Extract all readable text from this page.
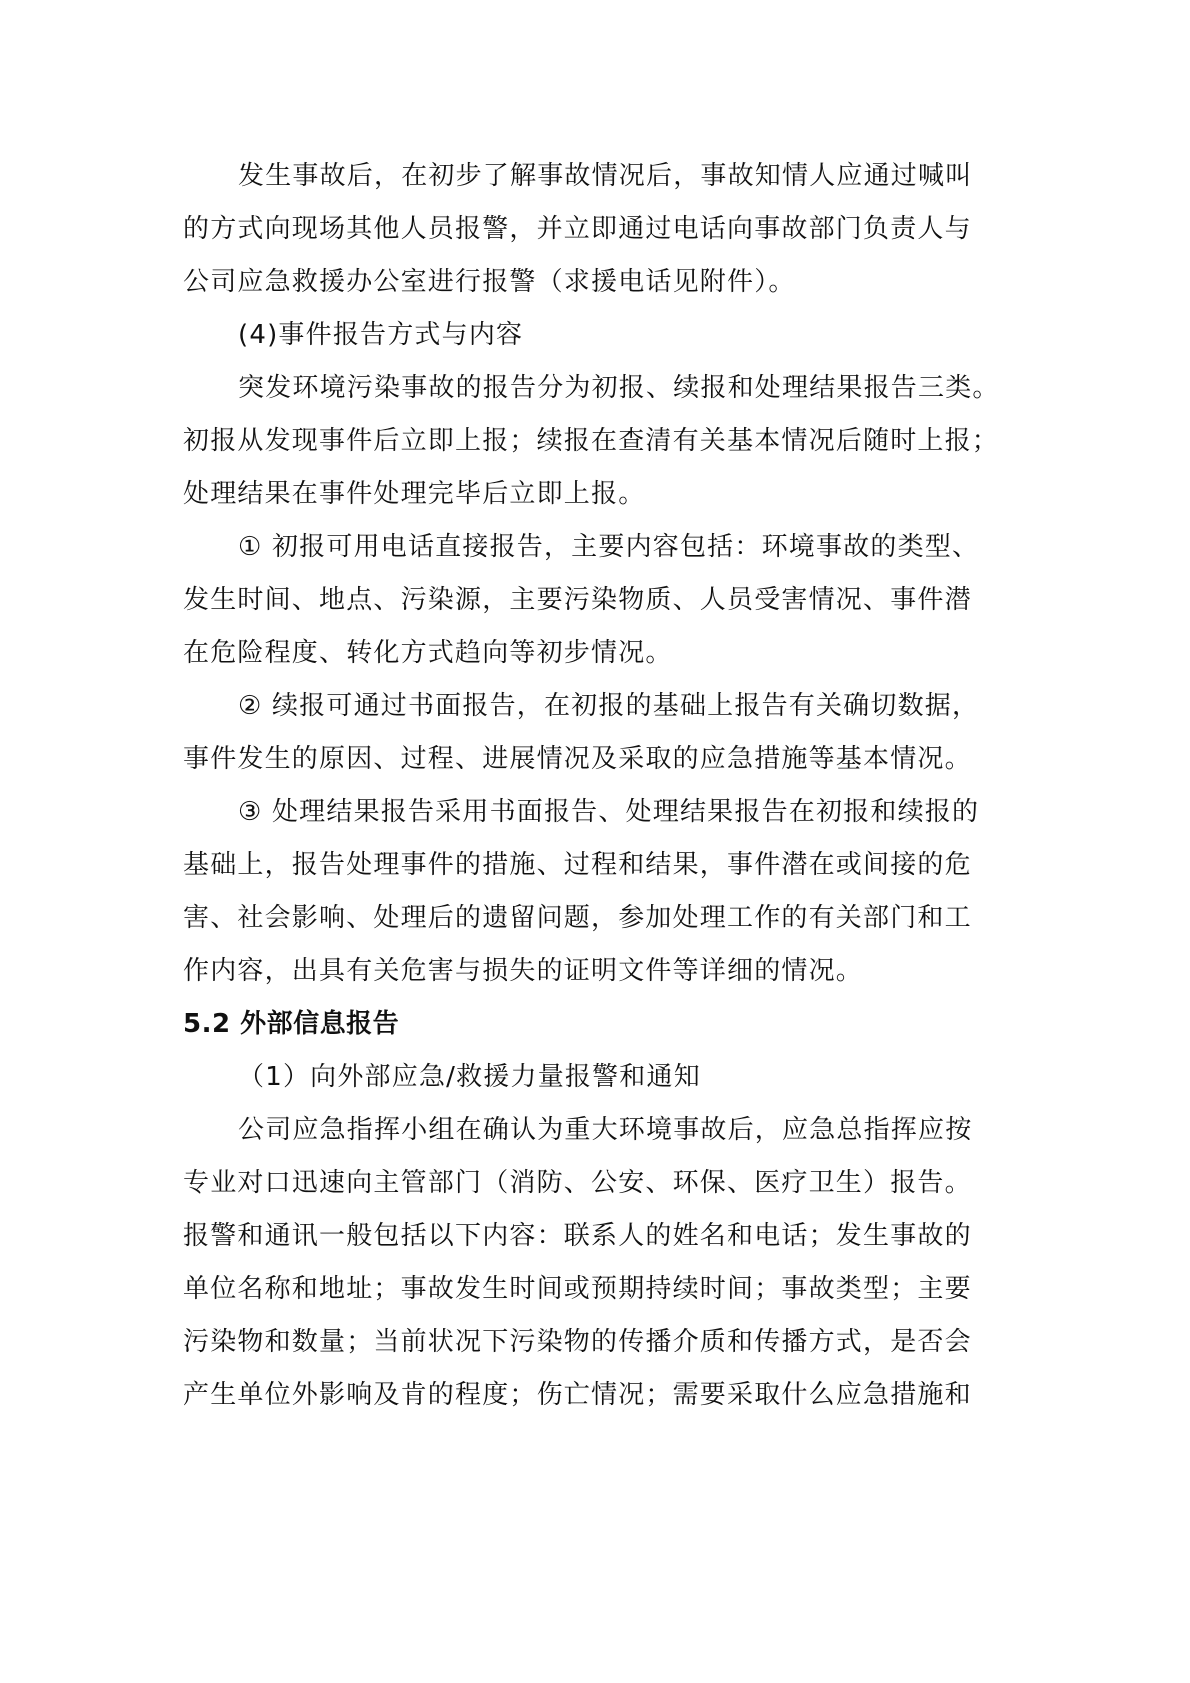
发生事故后，在初步了解事故情况后，事故知情人应通过喊叫
的方式向现场其他人员报警，并立即通过电话向事故部门负责人与
公司应急救援办公室进行报警（求援电话见附件）。
(4)事件报告方式与内容
突发环境污染事故的报告分为初报、续报和处理结果报告三类。
初报从发现事件后立即上报；续报在查清有关基本情况后随时上报；
处理结果在事件处理完毕后立即上报。
① 初报可用电话直接报告，主要内容包括：环境事故的类型、
发生时间、地点、污染源，主要污染物质、人员受害情况、事件潜
在危险程度、转化方式趋向等初步情况。
② 续报可通过书面报告，在初报的基础上报告有关确切数据，
事件发生的原因、过程、进展情况及采取的应急措施等基本情况。
③ 处理结果报告采用书面报告、处理结果报告在初报和续报的
基础上，报告处理事件的措施、过程和结果，事件潜在或间接的危
害、社会影响、处理后的遗留问题，参加处理工作的有关部门和工
作内容，出具有关危害与损失的证明文件等详细的情况。
5.2 外部信息报告
（1）向外部应急/救援力量报警和通知
公司应急指挥小组在确认为重大环境事故后，应急总指挥应按
专业对口迅速向主管部门（消防、公安、环保、医疗卫生）报告。
报警和通讯一般包括以下内容：联系人的姓名和电话；发生事故的
单位名称和地址；事故发生时间或预期持续时间；事故类型；主要
污染物和数量；当前状况下污染物的传播介质和传播方式，是否会
产生单位外影响及肯的程度；伤亡情况；需要采取什么应急措施和
